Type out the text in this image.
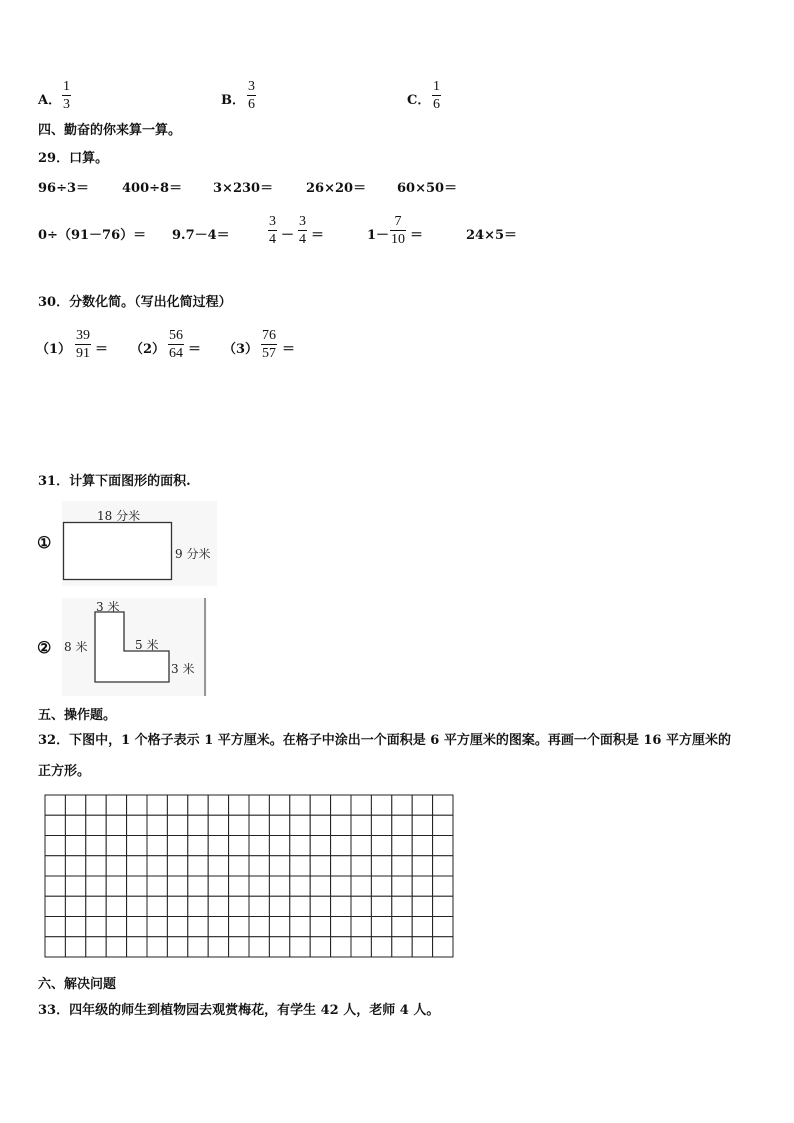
A．
1
3	B．
3
6	C．
1
6
四、勤奋的你来算一算。
29．口算。
96÷3＝	400÷8＝ 3×230＝	26×20＝ 60×50＝
0÷（91－76）＝ 9.7－4＝
3
4 －
3
4 ＝	1－
7
10 ＝	24×5＝
30．分数化简。（写出化简过程）
（1）
39
91 ＝ （2）
56
64 ＝ （3）
76
57 ＝
31．计算下面图形的面积.
①
18 分米
9 分米
②
3 米
8 米	5 米
3 米
五、操作题。
32．下图中，1 个格子表示 1 平方厘米。在格子中涂出一个面积是 6 平方厘米的图案。再画一个面积是 16 平方厘米的
正方形。
六、解决问题
33．四年级的师生到植物园去观赏梅花，有学生 42 人，老师 4 人。
